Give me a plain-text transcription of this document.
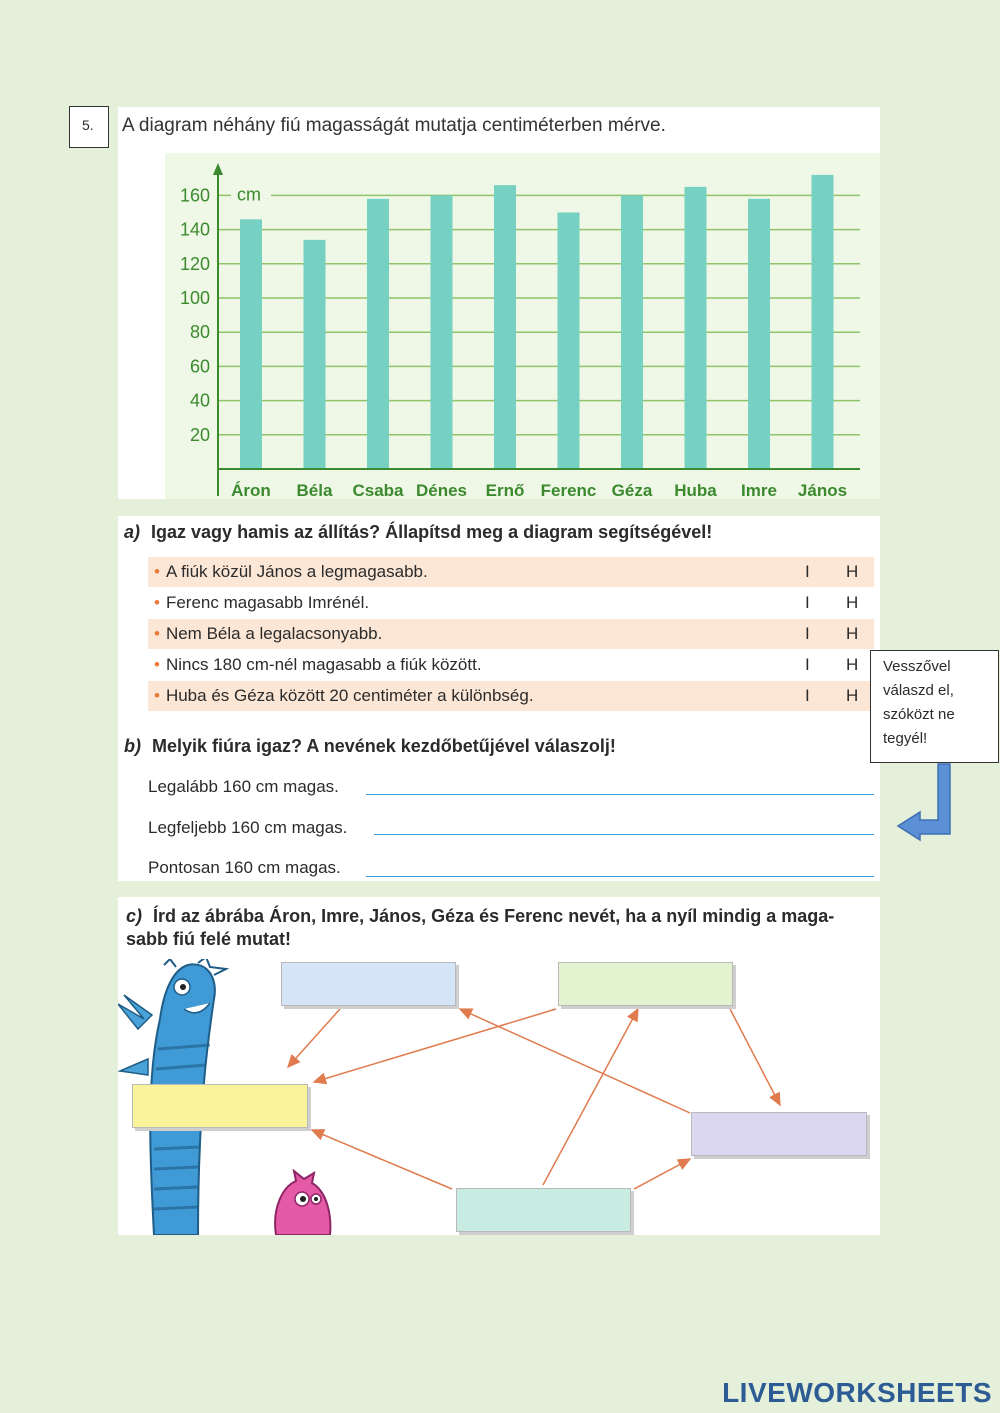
5.	A diagram néhány fiú magasságát mutatja centiméterben mérve.
20
40
60
80
100
120
140
160
Áron Béla Csaba Dénes Ernő Ferenc Géza Huba Imre János
cm
a) Igaz vagy hamis az állítás? Állapítsd meg a diagram segítségével!
• A fiúk közül János a legmagasabb.	I H
• Ferenc magasabb Imrénél.	I H
• Nem Béla a legalacsonyabb.	I H
• Nincs 180 cm-nél magasabb a fiúk között.	I H
• Huba és Géza között 20 centiméter a különbség.	I H
b) Melyik fiúra igaz? A nevének kezdőbetűjével válaszolj!
Legalább 160 cm magas.
Legfeljebb 160 cm magas.
Pontosan 160 cm magas.
Vesszővel válaszd el, szóközt ne tegyél!
c) Írd az ábrába Áron, Imre, János, Géza és Ferenc nevét, ha a nyíl mindig a maga-
sabb fiú felé mutat!
LIVEWORKSHEETS
